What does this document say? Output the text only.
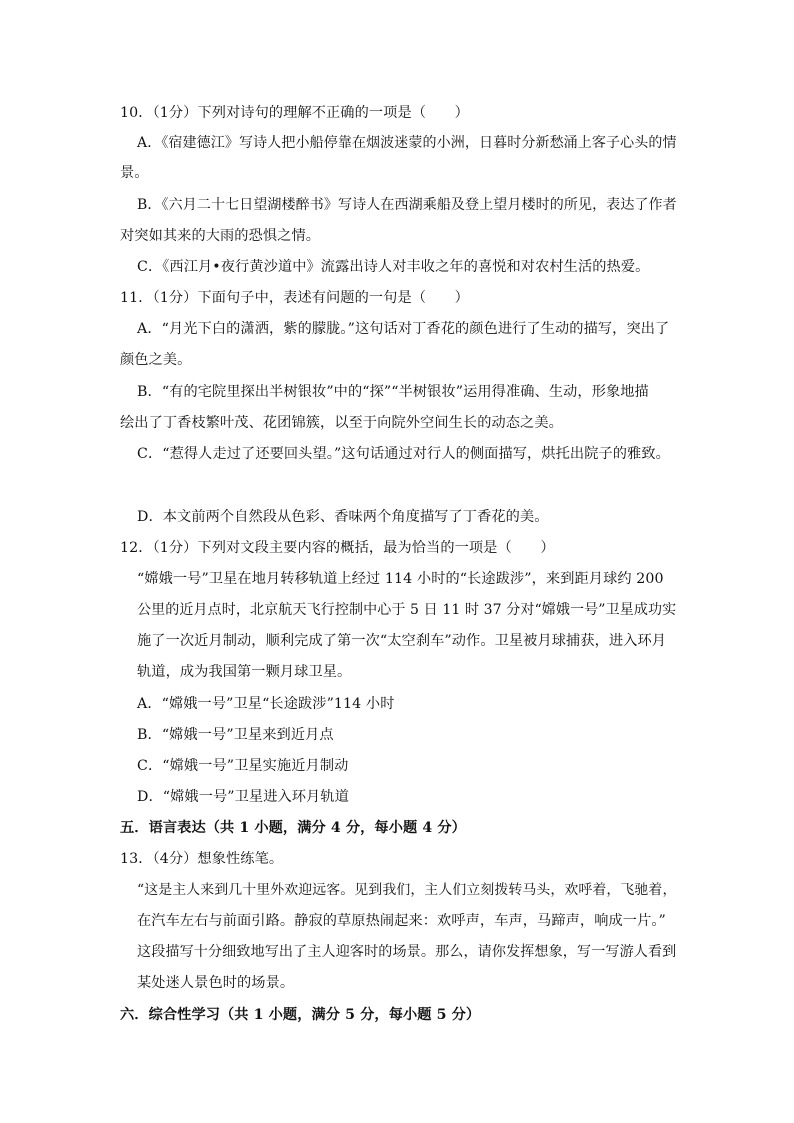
10．（1分）下列对诗句的理解不正确的一项是（　　）
A．《宿建德江》写诗人把小船停靠在烟波迷蒙的小洲，日暮时分新愁涌上客子心头的情
景。
B．《六月二十七日望湖楼醉书》写诗人在西湖乘船及登上望月楼时的所见，表达了作者
对突如其来的大雨的恐惧之情。
C．《西江月•夜行黄沙道中》流露出诗人对丰收之年的喜悦和对农村生活的热爱。
11．（1分）下面句子中，表述有问题的一句是（　　）
A．“月光下白的潇洒，紫的朦胧。”这句话对丁香花的颜色进行了生动的描写，突出了
颜色之美。
B．“有的宅院里探出半树银妆”中的“探”“半树银妆”运用得准确、生动，形象地描
绘出了丁香枝繁叶茂、花团锦簇，以至于向院外空间生长的动态之美。
C．“惹得人走过了还要回头望。”这句话通过对行人的侧面描写，烘托出院子的雅致。
D．本文前两个自然段从色彩、香味两个角度描写了丁香花的美。
12．（1分）下列对文段主要内容的概括，最为恰当的一项是（　　）
“嫦娥一号”卫星在地月转移轨道上经过 114 小时的“长途跋涉”，来到距月球约 200
公里的近月点时，北京航天飞行控制中心于 5 日 11 时 37 分对“嫦娥一号”卫星成功实
施了一次近月制动，顺利完成了第一次“太空刹车”动作。卫星被月球捕获，进入环月
轨道，成为我国第一颗月球卫星。
A．“嫦娥一号”卫星“长途跋涉”114 小时
B．“嫦娥一号”卫星来到近月点
C．“嫦娥一号”卫星实施近月制动
D．“嫦娥一号”卫星进入环月轨道
五．语言表达（共 1 小题，满分 4 分，每小题 4 分）
13．（4分）想象性练笔。
“这是主人来到几十里外欢迎远客。见到我们，主人们立刻拨转马头，欢呼着，飞驰着，
在汽车左右与前面引路。静寂的草原热闹起来：欢呼声，车声，马蹄声，响成一片。”
这段描写十分细致地写出了主人迎客时的场景。那么，请你发挥想象，写一写游人看到
某处迷人景色时的场景。
六．综合性学习（共 1 小题，满分 5 分，每小题 5 分）
